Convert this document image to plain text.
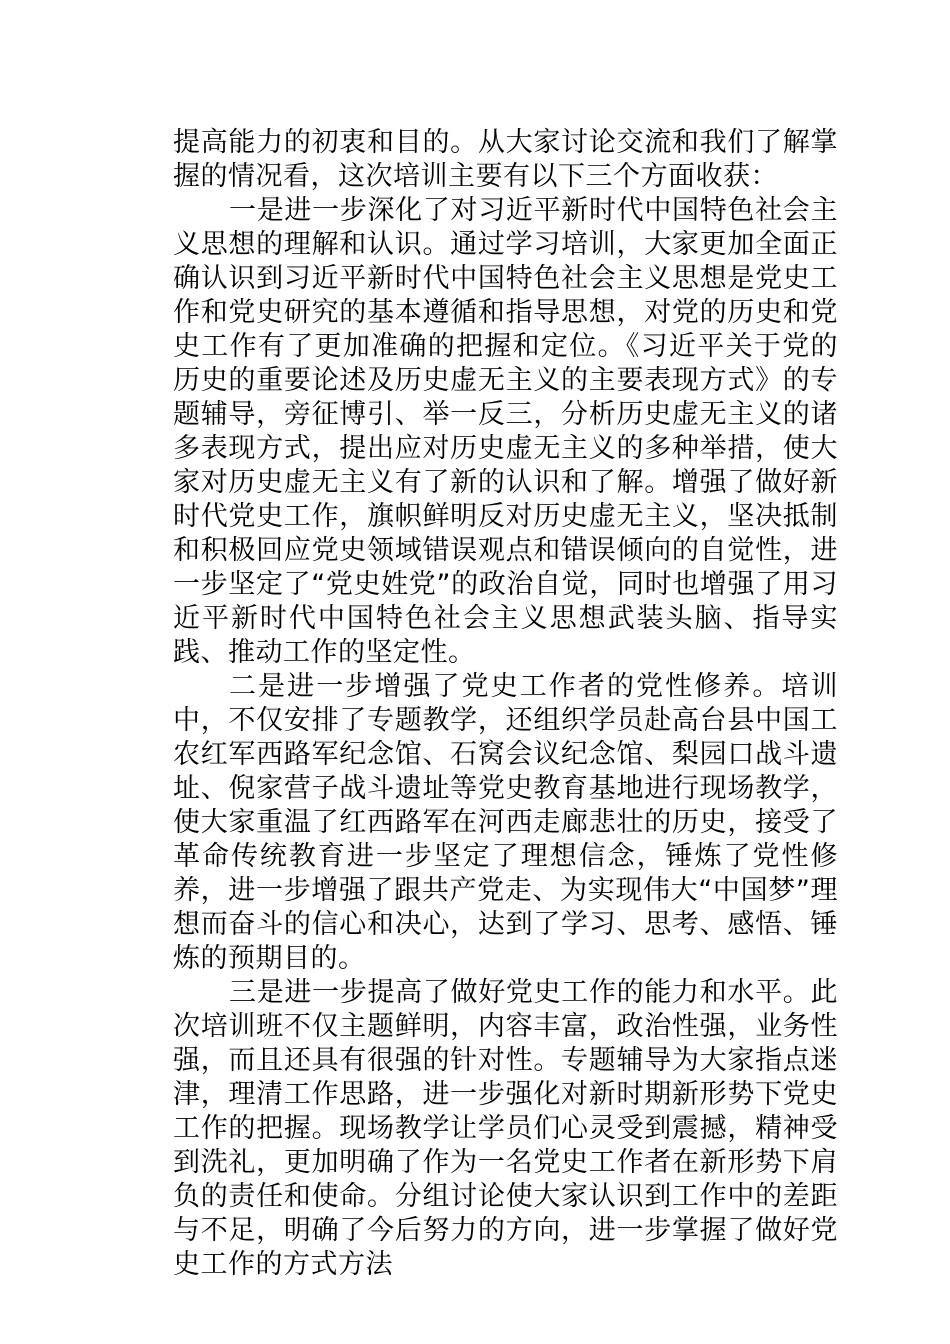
提高能力的初衷和目的。从大家讨论交流和我们了解掌握的情况看，这次培训主要有以下三个方面收获：

一是进一步深化了对习近平新时代中国特色社会主义思想的理解和认识。通过学习培训，大家更加全面正确认识到习近平新时代中国特色社会主义思想是党史工作和党史研究的基本遵循和指导思想，对党的历史和党史工作有了更加准确的把握和定位。《习近平关于党的历史的重要论述及历史虚无主义的主要表现方式》的专题辅导，旁征博引、举一反三，分析历史虚无主义的诸多表现方式，提出应对历史虚无主义的多种举措，使大家对历史虚无主义有了新的认识和了解。增强了做好新时代党史工作，旗帜鲜明反对历史虚无主义，坚决抵制和积极回应党史领域错误观点和错误倾向的自觉性，进一步坚定了“党史姓党”的政治自觉，同时也增强了用习近平新时代中国特色社会主义思想武装头脑、指导实践、推动工作的坚定性。

二是进一步增强了党史工作者的党性修养。培训中，不仅安排了专题教学，还组织学员赴高台县中国工农红军西路军纪念馆、石窝会议纪念馆、梨园口战斗遗址、倪家营子战斗遗址等党史教育基地进行现场教学，使大家重温了红西路军在河西走廊悲壮的历史，接受了革命传统教育进一步坚定了理想信念，锤炼了党性修养，进一步增强了跟共产党走、为实现伟大“中国梦”理想而奋斗的信心和决心，达到了学习、思考、感悟、锤炼的预期目的。

三是进一步提高了做好党史工作的能力和水平。此次培训班不仅主题鲜明，内容丰富，政治性强，业务性强，而且还具有很强的针对性。专题辅导为大家指点迷津，理清工作思路，进一步强化对新时期新形势下党史工作的把握。现场教学让学员们心灵受到震撼，精神受到洗礼，更加明确了作为一名党史工作者在新形势下肩负的责任和使命。分组讨论使大家认识到工作中的差距与不足，明确了今后努力的方向，进一步掌握了做好党史工作的方式方法
